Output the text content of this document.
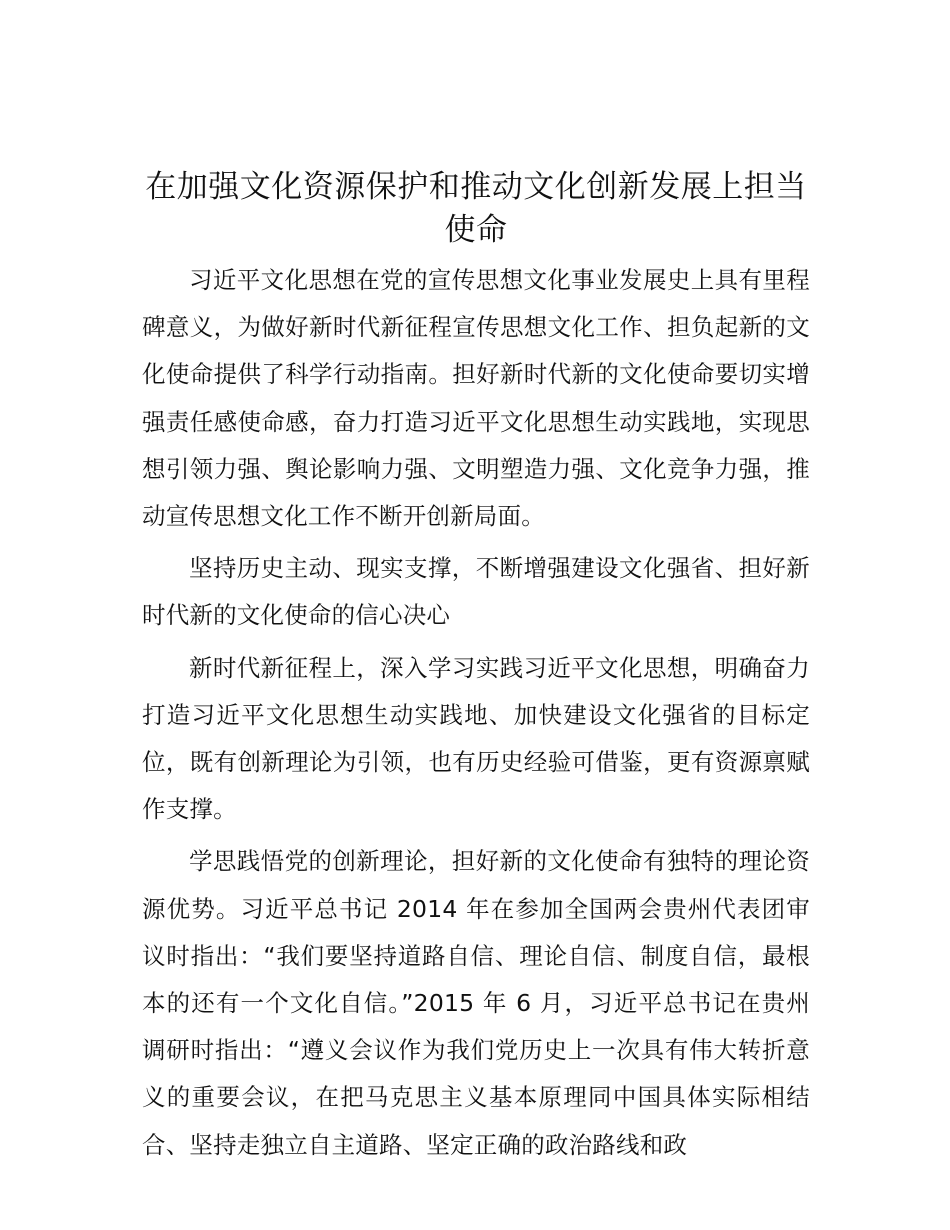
在加强文化资源保护和推动文化创新发展上担当使命

习近平文化思想在党的宣传思想文化事业发展史上具有里程碑意义，为做好新时代新征程宣传思想文化工作、担负起新的文化使命提供了科学行动指南。担好新时代新的文化使命要切实增强责任感使命感，奋力打造习近平文化思想生动实践地，实现思想引领力强、舆论影响力强、文明塑造力强、文化竞争力强，推动宣传思想文化工作不断开创新局面。

坚持历史主动、现实支撑，不断增强建设文化强省、担好新时代新的文化使命的信心决心

新时代新征程上，深入学习实践习近平文化思想，明确奋力打造习近平文化思想生动实践地、加快建设文化强省的目标定位，既有创新理论为引领，也有历史经验可借鉴，更有资源禀赋作支撑。

学思践悟党的创新理论，担好新的文化使命有独特的理论资源优势。习近平总书记 2014 年在参加全国两会贵州代表团审议时指出：“我们要坚持道路自信、理论自信、制度自信，最根本的还有一个文化自信。”2015 年 6 月，习近平总书记在贵州调研时指出：“遵义会议作为我们党历史上一次具有伟大转折意义的重要会议，在把马克思主义基本原理同中国具体实际相结合、坚持走独立自主道路、坚定正确的政治路线和政
